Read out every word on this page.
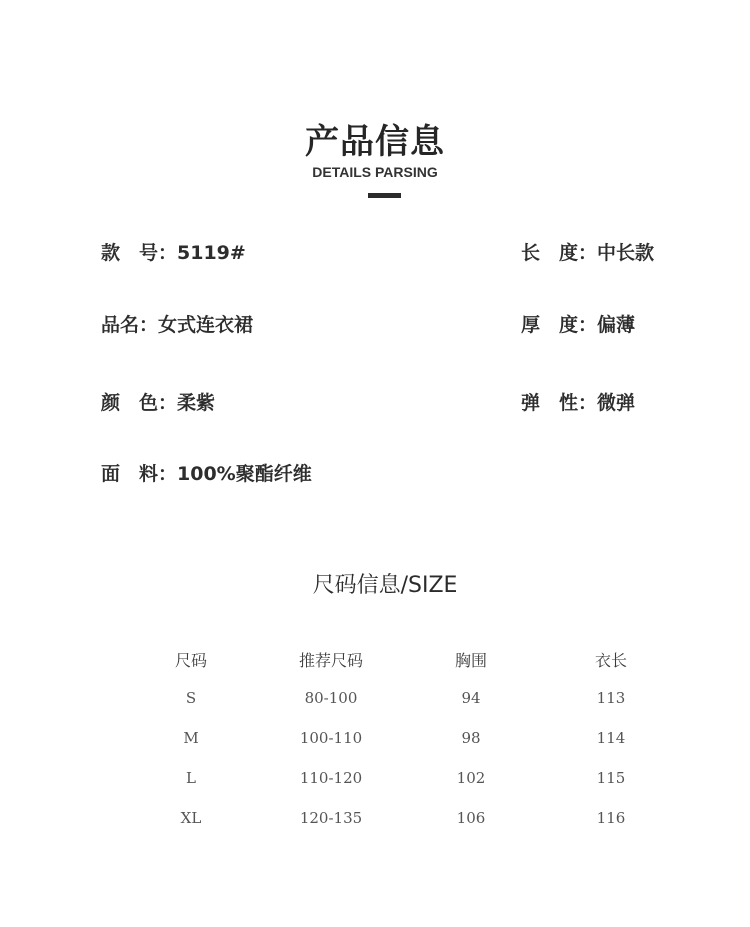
产品信息
DETAILS PARSING
款　号：5119#	长　度：中长款
品名：女式连衣裙	厚　度：偏薄
颜　色：柔紫	弹　性：微弹
面　料：100%聚酯纤维
尺码信息/SIZE
尺码	推荐尺码	胸围	衣长
S	80-100	94	113
M	100-110	98	114
L	110-120	102	115
XL	120-135	106	116
